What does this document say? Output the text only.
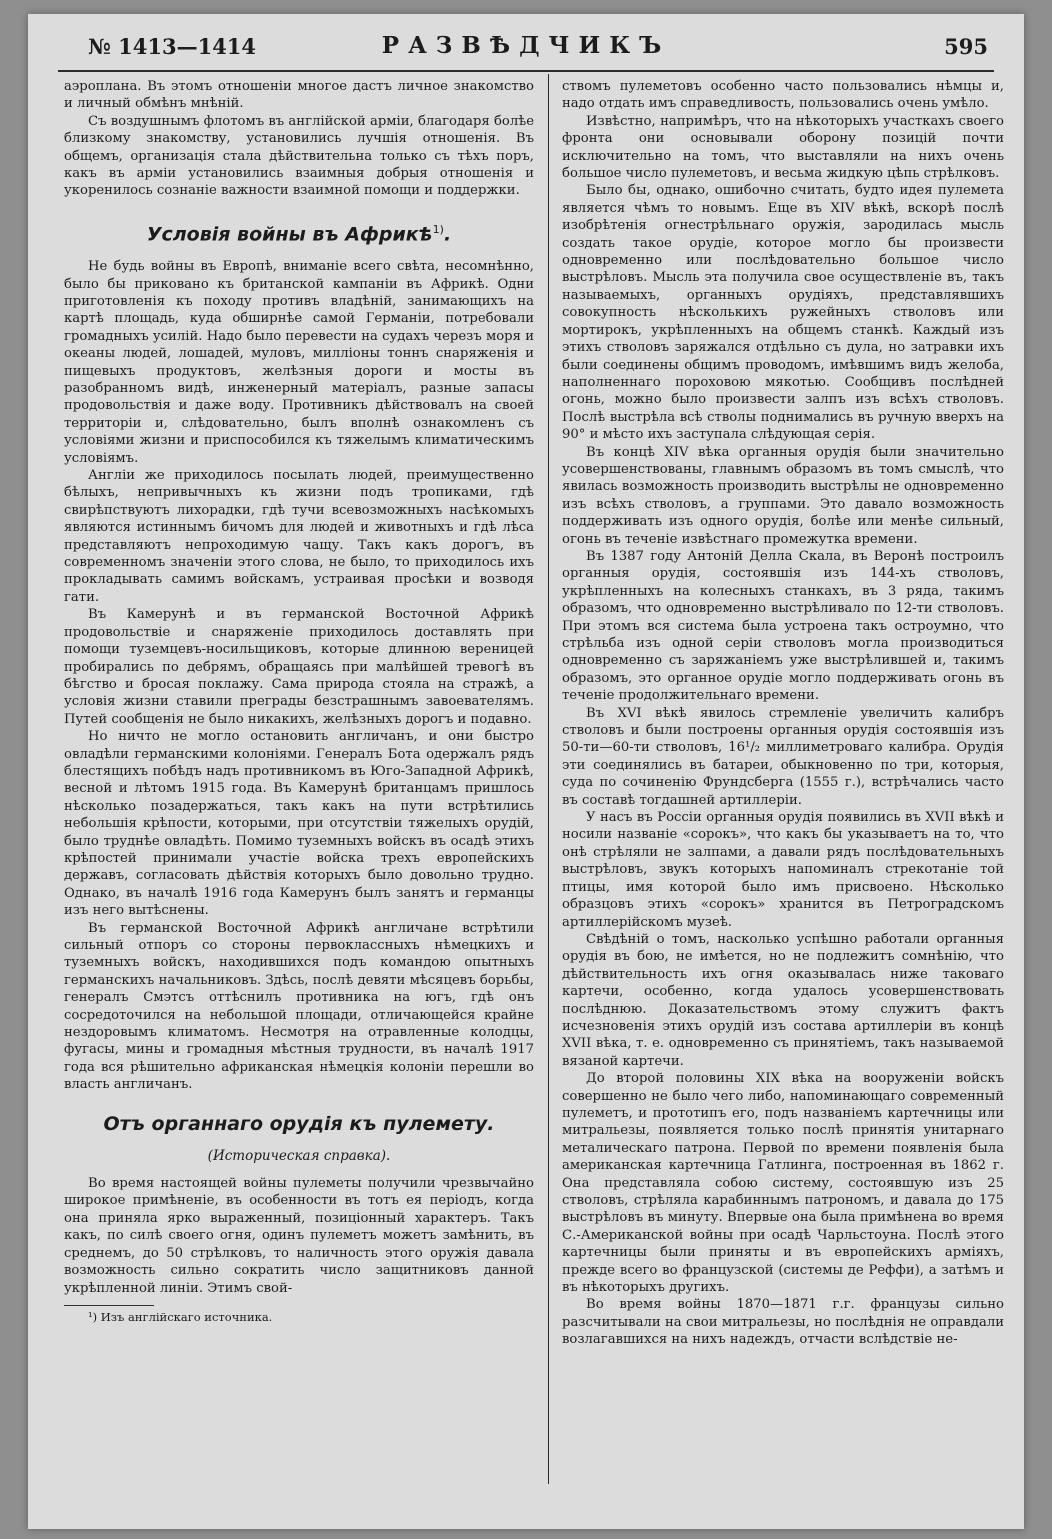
№ 1413—1414	РАЗВѢДЧИКЪ	595

аэроплана. Въ этомъ отношеніи многое дастъ личное знакомство и личный обмѣнъ мнѣній.

Съ воздушнымъ флотомъ въ англійской арміи, благодаря болѣе близкому знакомству, установились лучшія отношенія. Въ общемъ, организація стала дѣйствительна только съ тѣхъ поръ, какъ въ арміи установились взаимныя добрыя отношенія и укоренилось сознаніе важности взаимной помощи и поддержки.

Условія войны въ Африкѣ$^{1)}$.

Не будь войны въ Европѣ, вниманіе всего свѣта, несомнѣнно, было бы приковано къ британской кампаніи въ Африкѣ. Одни приготовленія къ походу противъ владѣній, занимающихъ на картѣ площадь, куда обширнѣе самой Германіи, потребовали громадныхъ усилій. Надо было перевести на судахъ черезъ моря и океаны людей, лошадей, муловъ, милліоны тоннъ снаряженія и пищевыхъ продуктовъ, желѣзныя дороги и мосты въ разобранномъ видѣ, инженерный матеріалъ, разные запасы продовольствія и даже воду. Противникъ дѣйствовалъ на своей территоріи и, слѣдовательно, былъ вполнѣ ознакомленъ съ условіями жизни и приспособился къ тяжелымъ климатическимъ условіямъ.

Англіи же приходилось посылать людей, преимущественно бѣлыхъ, непривычныхъ къ жизни подъ тропиками, гдѣ свирѣпствуютъ лихорадки, гдѣ тучи всевозможныхъ насѣкомыхъ являются истиннымъ бичомъ для людей и животныхъ и гдѣ лѣса представляютъ непроходимую чащу. Такъ какъ дорогъ, въ современномъ значеніи этого слова, не было, то приходилось ихъ прокладывать самимъ войскамъ, устраивая просѣки и возводя гати.

Въ Камерунѣ и въ германской Восточной Африкѣ продовольствіе и снаряженіе приходилось доставлять при помощи туземцевъ-носильщиковъ, которые длинною вереницей пробирались по дебрямъ, обращаясь при малѣйшей тревогѣ въ бѣгство и бросая поклажу. Сама природа стояла на стражѣ, а условія жизни ставили преграды безстрашнымъ завоевателямъ. Путей сообщенія не было никакихъ, желѣзныхъ дорогъ и подавно.

Но ничто не могло остановить англичанъ, и они быстро овладѣли германскими колоніями. Генералъ Бота одержалъ рядъ блестящихъ побѣдъ надъ противникомъ въ Юго-Западной Африкѣ, весной и лѣтомъ 1915 года. Въ Камерунѣ британцамъ пришлось нѣсколько позадержаться, такъ какъ на пути встрѣтились небольшія крѣпости, которыми, при отсутствіи тяжелыхъ орудій, было труднѣе овладѣть. Помимо туземныхъ войскъ въ осадѣ этихъ крѣпостей принимали участіе войска трехъ европейскихъ державъ, согласовать дѣйствія которыхъ было довольно трудно. Однако, въ началѣ 1916 года Камерунъ былъ занятъ и германцы изъ него вытѣснены.

Въ германской Восточной Африкѣ англичане встрѣтили сильный отпоръ со стороны первоклассныхъ нѣмецкихъ и туземныхъ войскъ, находившихся подъ командою опытныхъ германскихъ начальниковъ. Здѣсь, послѣ девяти мѣсяцевъ борьбы, генералъ Смэтсъ оттѣснилъ противника на югъ, гдѣ онъ сосредоточился на небольшой площади, отличающейся крайне нездоровымъ климатомъ. Несмотря на отравленные колодцы, фугасы, мины и громадныя мѣстныя трудности, въ началѣ 1917 года вся рѣшительно африканская нѣмецкія колоніи перешли во власть англичанъ.

Отъ органнаго орудія къ пулемету.
(Историческая справка).

Во время настоящей войны пулеметы получили чрезвычайно широкое примѣненіе, въ особенности въ тотъ ея періодъ, когда она приняла ярко выраженный, позиціонный характеръ. Такъ какъ, по силѣ своего огня, одинъ пулеметъ можетъ замѣнить, въ среднемъ, до 50 стрѣлковъ, то наличность этого оружія давала возможность сильно сократить число защитниковъ данной укрѣпленной линіи. Этимъ свой-

¹) Изъ англійскаго источника.

ствомъ пулеметовъ особенно часто пользовались нѣмцы и, надо отдать имъ справедливость, пользовались очень умѣло.

Извѣстно, напримѣръ, что на нѣкоторыхъ участкахъ своего фронта они основывали оборону позицій почти исключительно на томъ, что выставляли на нихъ очень большое число пулеметовъ, и весьма жидкую цѣпь стрѣлковъ.

Было бы, однако, ошибочно считать, будто идея пулемета является чѣмъ то новымъ. Еще въ XIV вѣкѣ, вскорѣ послѣ изобрѣтенія огнестрѣльнаго оружія, зародилась мысль создать такое орудіе, которое могло бы произвести одновременно или послѣдовательно большое число выстрѣловъ. Мысль эта получила свое осуществленіе въ, такъ называемыхъ, органныхъ орудіяхъ, представлявшихъ совокупность нѣсколькихъ ружейныхъ стволовъ или мортирокъ, укрѣпленныхъ на общемъ станкѣ. Каждый изъ этихъ стволовъ заряжался отдѣльно съ дула, но затравки ихъ были соединены общимъ проводомъ, имѣвшимъ видъ желоба, наполненнаго пороховою мякотью. Сообщивъ послѣдней огонь, можно было произвести залпъ изъ всѣхъ стволовъ. Послѣ выстрѣла всѣ стволы поднимались въ ручную вверхъ на 90° и мѣсто ихъ заступала слѣдующая серія.

Въ концѣ XIV вѣка органныя орудія были значительно усовершенствованы, главнымъ образомъ въ томъ смыслѣ, что явилась возможность производить выстрѣлы не одновременно изъ всѣхъ стволовъ, а группами. Это давало возможность поддерживать изъ одного орудія, болѣе или менѣе сильный, огонь въ теченіе извѣстнаго промежутка времени.

Въ 1387 году Антоній Делла Скала, въ Веронѣ построилъ органныя орудія, состоявшія изъ 144-хъ стволовъ, укрѣпленныхъ на колесныхъ станкахъ, въ 3 ряда, такимъ образомъ, что одновременно выстрѣливало по 12-ти стволовъ. При этомъ вся система была устроена такъ остроумно, что стрѣльба изъ одной серіи стволовъ могла производиться одновременно съ заряжаніемъ уже выстрѣлившей и, такимъ образомъ, это органное орудіе могло поддерживать огонь въ теченіе продолжительнаго времени.

Въ XVI вѣкѣ явилось стремленіе увеличить калибръ стволовъ и были построены органныя орудія состоявшія изъ 50-ти—60-ти стволовъ, 16¹/₂ миллиметроваго калибра. Орудія эти соединялись въ батареи, обыкновенно по три, которыя, суда по сочиненію Фрундсберга (1555 г.), встрѣчались часто въ составѣ тогдашней артиллеріи.

У насъ въ Россіи органныя орудія появились въ XVII вѣкѣ и носили названіе «сорокъ», что какъ бы указываетъ на то, что онѣ стрѣляли не залпами, а давали рядъ послѣдовательныхъ выстрѣловъ, звукъ которыхъ напоминалъ стрекотаніе той птицы, имя которой было имъ присвоено. Нѣсколько образцовъ этихъ «сорокъ» хранится въ Петроградскомъ артиллерійскомъ музеѣ.

Свѣдѣній о томъ, насколько успѣшно работали органныя орудія въ бою, не имѣется, но не подлежитъ сомнѣнію, что дѣйствительность ихъ огня оказывалась ниже таковаго картечи, особенно, когда удалось усовершенствовать послѣднюю. Доказательствомъ этому служитъ фактъ исчезновенія этихъ орудій изъ состава артиллеріи въ концѣ XVII вѣка, т. е. одновременно съ принятіемъ, такъ называемой вязаной картечи.

До второй половины XIX вѣка на вооруженіи войскъ совершенно не было чего либо, напоминающаго современный пулеметъ, и прототипъ его, подъ названіемъ картечницы или митральезы, появляется только послѣ принятія унитарнаго металическаго патрона. Первой по времени появленія была американская картечница Гатлинга, построенная въ 1862 г. Она представляла собою систему, состоявшую изъ 25 стволовъ, стрѣляла карабиннымъ патрономъ, и давала до 175 выстрѣловъ въ минуту. Впервые она была примѣнена во время С.-Американской войны при осадѣ Чарльстоуна. Послѣ этого картечницы были приняты и въ европейскихъ арміяхъ, прежде всего во французской (системы де Реффи), а затѣмъ и въ нѣкоторыхъ другихъ.

Во время войны 1870—1871 г.г. французы сильно разсчитывали на свои митральезы, но послѣднія не оправдали возлагавшихся на нихъ надеждъ, отчасти вслѣдствіе не-
